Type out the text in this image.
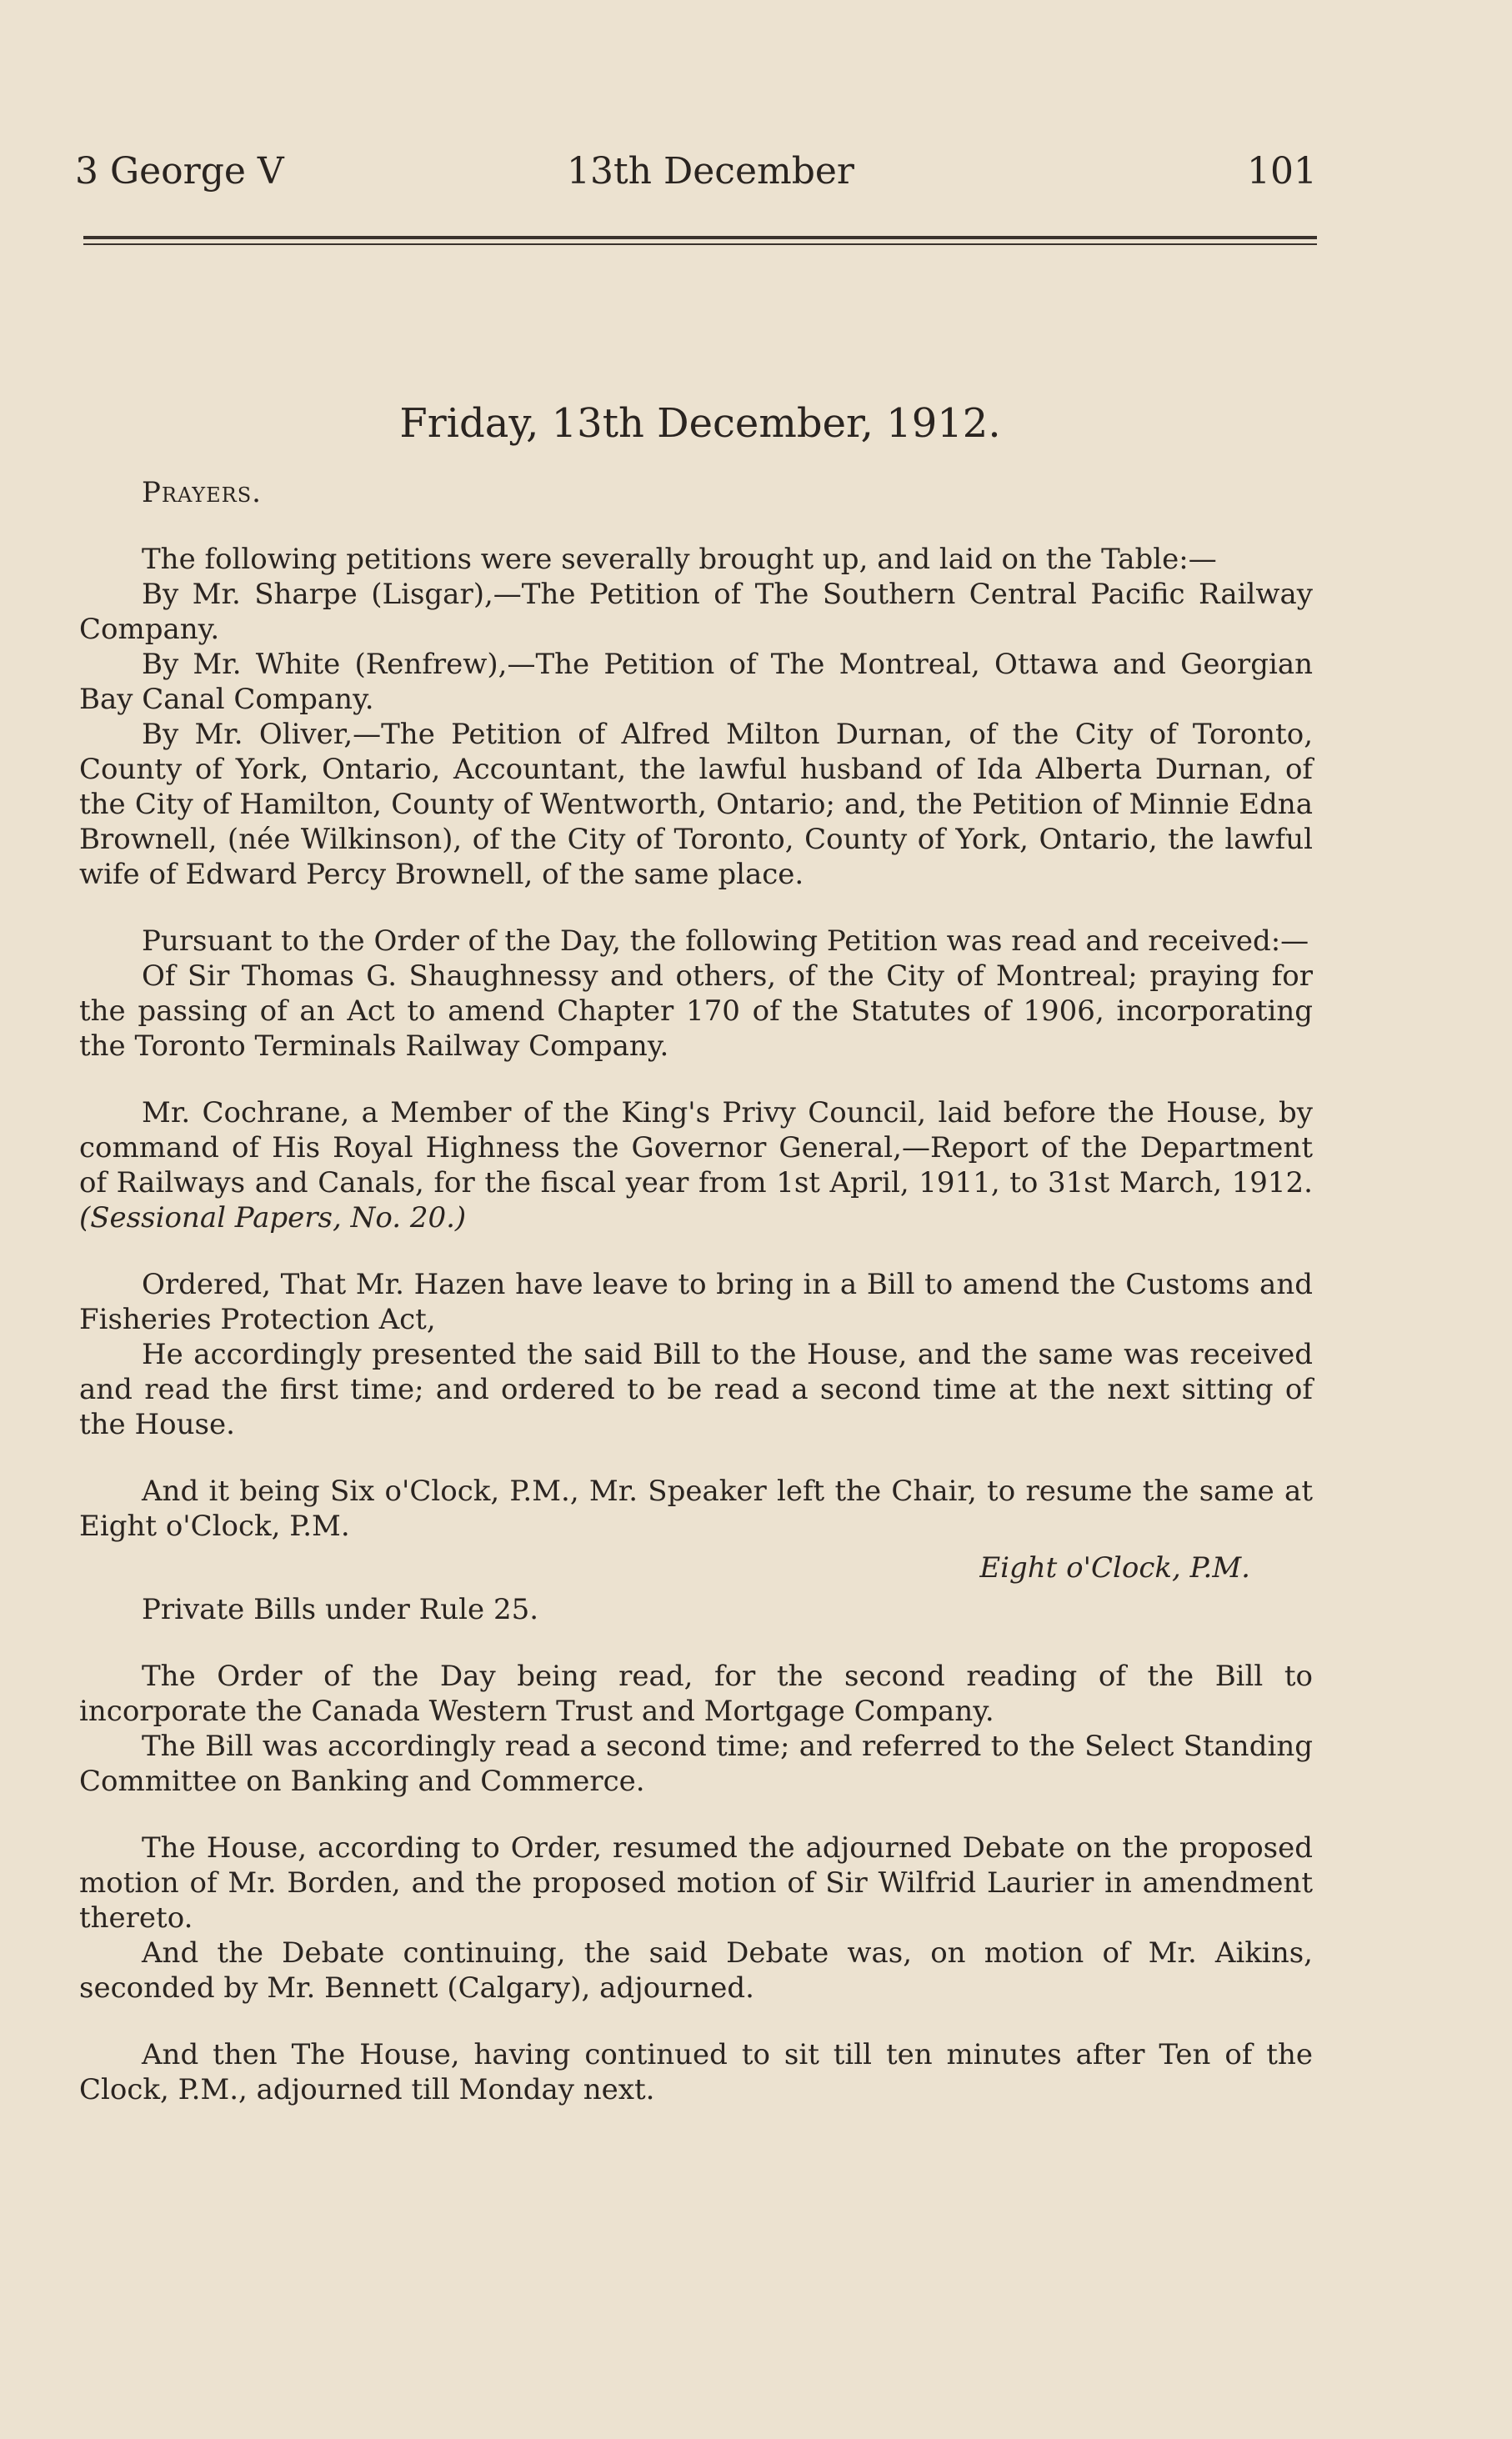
3 George V	13th December	101
Friday, 13th December, 1912.

Prayers.

The following petitions were severally brought up, and laid on the Table:—

By Mr. Sharpe (Lisgar),—The Petition of The Southern Central Pacific Railway Company.

By Mr. White (Renfrew),—The Petition of The Montreal, Ottawa and Georgian Bay Canal Company.

By Mr. Oliver,—The Petition of Alfred Milton Durnan, of the City of Toronto, County of York, Ontario, Accountant, the lawful husband of Ida Alberta Durnan, of the City of Hamilton, County of Wentworth, Ontario; and, the Petition of Minnie Edna Brownell, (née Wilkinson), of the City of Toronto, County of York, Ontario, the lawful wife of Edward Percy Brownell, of the same place.

Pursuant to the Order of the Day, the following Petition was read and received:—

Of Sir Thomas G. Shaughnessy and others, of the City of Montreal; praying for the passing of an Act to amend Chapter 170 of the Statutes of 1906, incorporating the Toronto Terminals Railway Company.

Mr. Cochrane, a Member of the King's Privy Council, laid before the House, by command of His Royal Highness the Governor General,—Report of the Department of Railways and Canals, for the fiscal year from 1st April, 1911, to 31st March, 1912. (Sessional Papers, No. 20.)

Ordered, That Mr. Hazen have leave to bring in a Bill to amend the Customs and Fisheries Protection Act,

He accordingly presented the said Bill to the House, and the same was received and read the first time; and ordered to be read a second time at the next sitting of the House.

And it being Six o'Clock, P.M., Mr. Speaker left the Chair, to resume the same at Eight o'Clock, P.M.

Eight o'Clock, P.M.

Private Bills under Rule 25.

The Order of the Day being read, for the second reading of the Bill to incorporate the Canada Western Trust and Mortgage Company.

The Bill was accordingly read a second time; and referred to the Select Standing Committee on Banking and Commerce.

The House, according to Order, resumed the adjourned Debate on the proposed motion of Mr. Borden, and the proposed motion of Sir Wilfrid Laurier in amendment thereto.

And the Debate continuing, the said Debate was, on motion of Mr. Aikins, seconded by Mr. Bennett (Calgary), adjourned.

And then The House, having continued to sit till ten minutes after Ten of the Clock, P.M., adjourned till Monday next.
